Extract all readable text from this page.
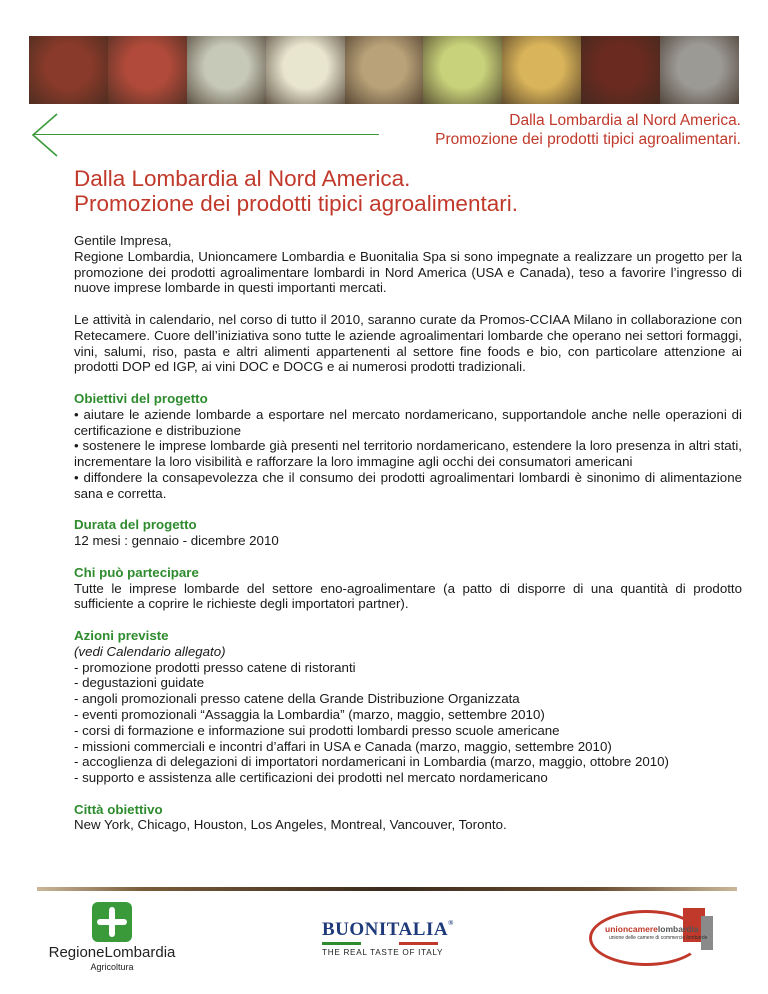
Dalla Lombardia al Nord America.
Promozione dei prodotti tipici agroalimentari.
Dalla Lombardia al Nord America.
Promozione dei prodotti tipici agroalimentari.

Gentile Impresa,

Regione Lombardia, Unioncamere Lombardia e Buonitalia Spa si sono impegnate a realizzare un progetto per la promozione dei prodotti agroalimentare lombardi in Nord America (USA e Canada), teso a favorire l’ingresso di nuove imprese lombarde in questi importanti mercati.

Le attività in calendario, nel corso di tutto il 2010, saranno curate da Promos-CCIAA Milano in collaborazione con Retecamere. Cuore dell’iniziativa sono tutte le aziende agroalimentari lombarde che operano nei settori formaggi, vini, salumi, riso, pasta e altri alimenti appartenenti al settore fine foods e bio, con particolare attenzione ai prodotti DOP ed IGP, ai vini DOC e DOCG e ai numerosi prodotti tradizionali.

Obiettivi del progetto

• aiutare le aziende lombarde a esportare nel mercato nordamericano, supportandole anche nelle operazioni di certificazione e distribuzione

• sostenere le imprese lombarde già presenti nel territorio nordamericano, estendere la loro presenza in altri stati, incrementare la loro visibilità e rafforzare la loro immagine agli occhi dei consumatori americani

• diffondere la consapevolezza che il consumo dei prodotti agroalimentari lombardi è sinonimo di alimentazione sana e corretta.

Durata del progetto

12 mesi : gennaio - dicembre 2010

Chi può partecipare

Tutte le imprese lombarde del settore eno-agroalimentare (a patto di disporre di una quantità di prodotto sufficiente a coprire le richieste degli importatori partner).

Azioni previste

(vedi Calendario allegato)

- promozione prodotti presso catene di ristoranti

- degustazioni guidate

- angoli promozionali presso catene della Grande Distribuzione Organizzata

- eventi promozionali “Assaggia la Lombardia” (marzo, maggio, settembre 2010)

- corsi di formazione e informazione sui prodotti lombardi presso scuole americane

- missioni commerciali e incontri d’affari in USA e Canada (marzo, maggio, settembre 2010)

- accoglienza di delegazioni di importatori nordamericani in Lombardia (marzo, maggio, ottobre 2010)

- supporto e assistenza alle certificazioni dei prodotti nel mercato nordamericano

Città obiettivo

New York, Chicago, Houston, Los Angeles, Montreal, Vancouver, Toronto.

RegioneLombardia
Agricoltura
BUONITALIA®
THE REAL TASTE OF ITALY
unioncamerelombardia
unione delle camere di commercio lombarde
